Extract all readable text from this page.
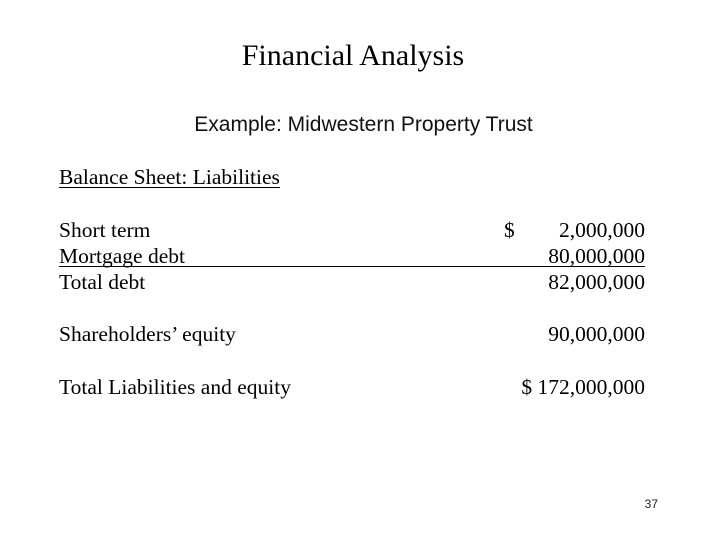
Financial Analysis
Example: Midwestern Property Trust
Balance Sheet: Liabilities
Short term	$ 2,000,000
Mortgage debt	80,000,000
Total debt	82,000,000
Shareholders’ equity	90,000,000
Total Liabilities and equity	$ 172,000,000
37
